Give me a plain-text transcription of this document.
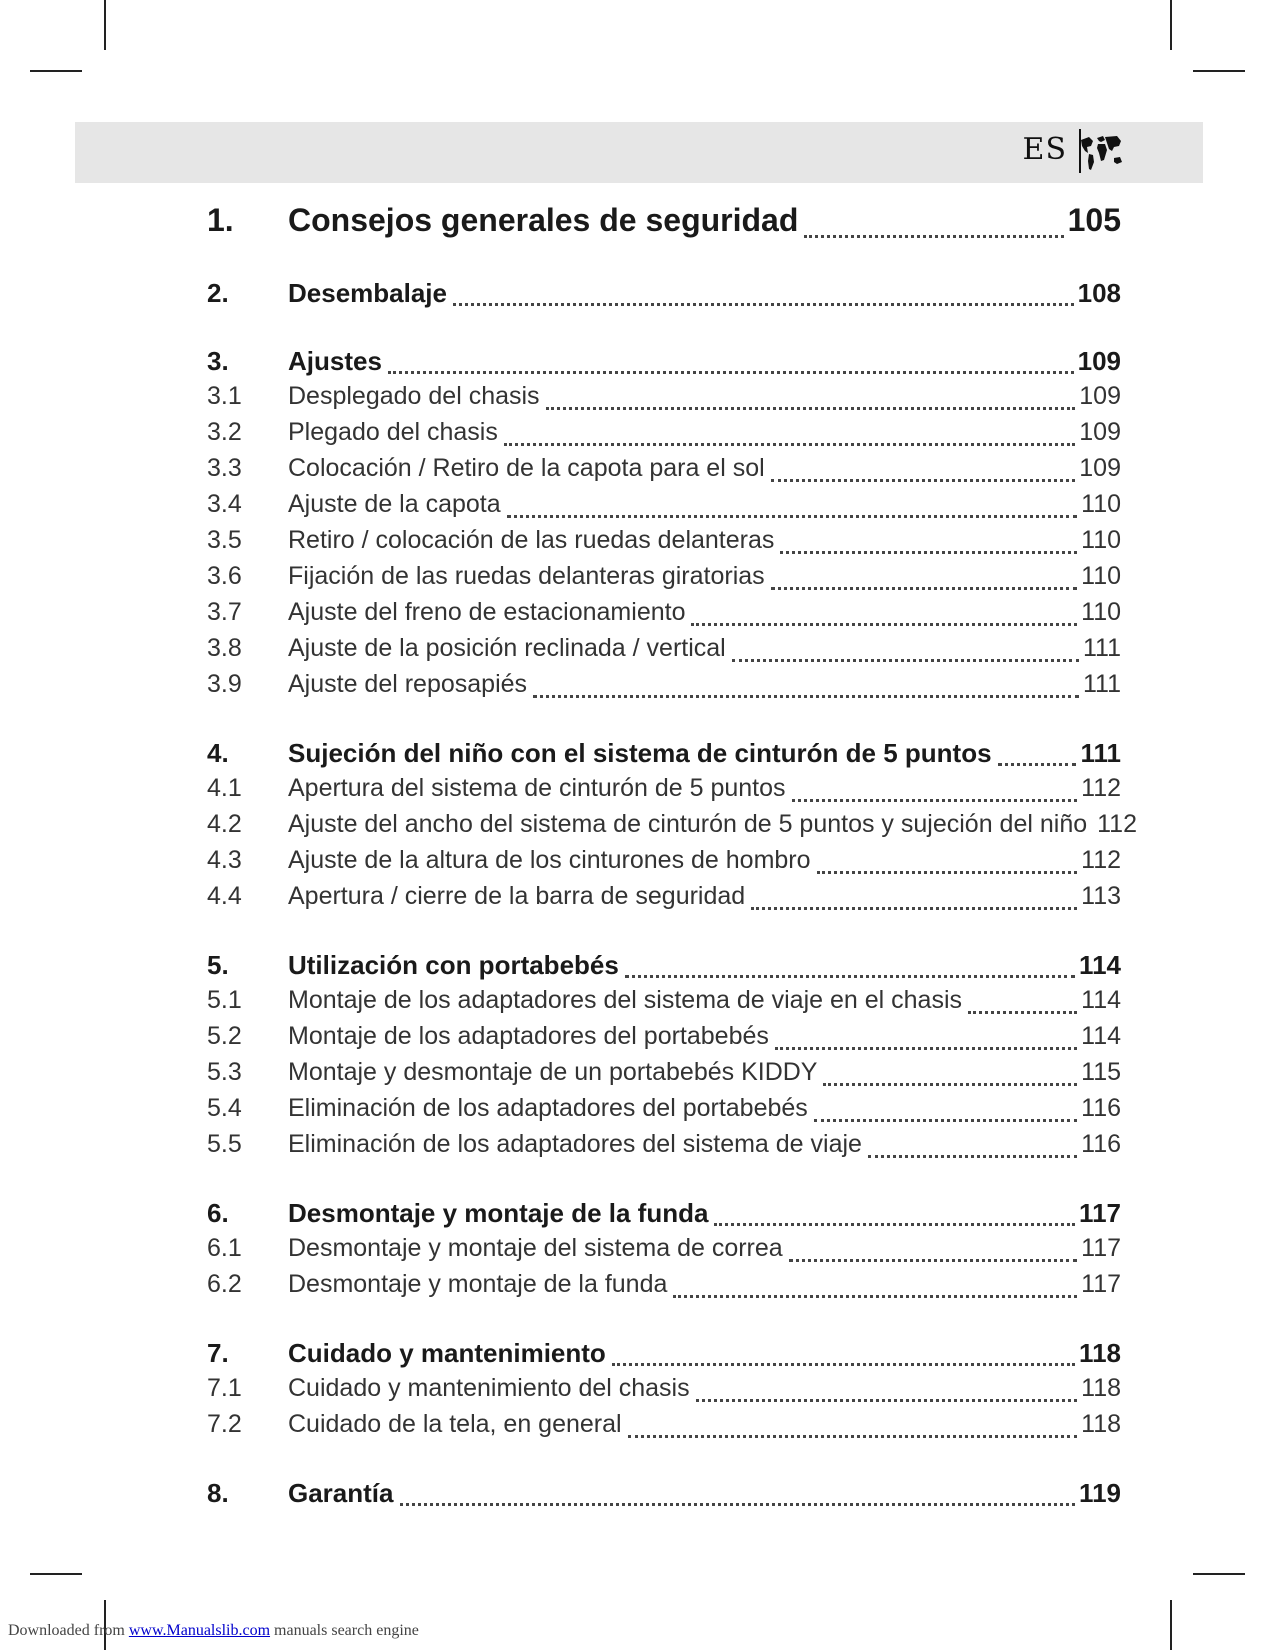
ES
1.	Consejos generales de seguridad	105
2.	Desembalaje	108
3.	Ajustes	109
3.1	Desplegado del chasis	109
3.2	Plegado del chasis	109
3.3	Colocación / Retiro de la capota para el sol	109
3.4	Ajuste de la capota	110
3.5	Retiro / colocación de las ruedas delanteras	110
3.6	Fijación de las ruedas delanteras giratorias	110
3.7	Ajuste del freno de estacionamiento	110
3.8	Ajuste de la posición reclinada / vertical	111
3.9	Ajuste del reposapiés	111
4.	Sujeción del niño con el sistema de cinturón de 5 puntos	111
4.1	Apertura del sistema de cinturón de 5 puntos	112
4.2	Ajuste del ancho del sistema de cinturón de 5 puntos y sujeción del niño 112
4.3	Ajuste de la altura de los cinturones de hombro	112
4.4	Apertura / cierre de la barra de seguridad	113
5.	Utilización con portabebés	114
5.1	Montaje de los adaptadores del sistema de viaje en el chasis	114
5.2	Montaje de los adaptadores del portabebés	114
5.3	Montaje y desmontaje de un portabebés KIDDY	115
5.4	Eliminación de los adaptadores del portabebés	116
5.5	Eliminación de los adaptadores del sistema de viaje	116
6.	Desmontaje y montaje de la funda	117
6.1	Desmontaje y montaje del sistema de correa	117
6.2	Desmontaje y montaje de la funda	117
7.	Cuidado y mantenimiento	118
7.1	Cuidado y mantenimiento del chasis	118
7.2	Cuidado de la tela, en general	118
8.	Garantía	119
Downloaded from www.Manualslib.com manuals search engine
